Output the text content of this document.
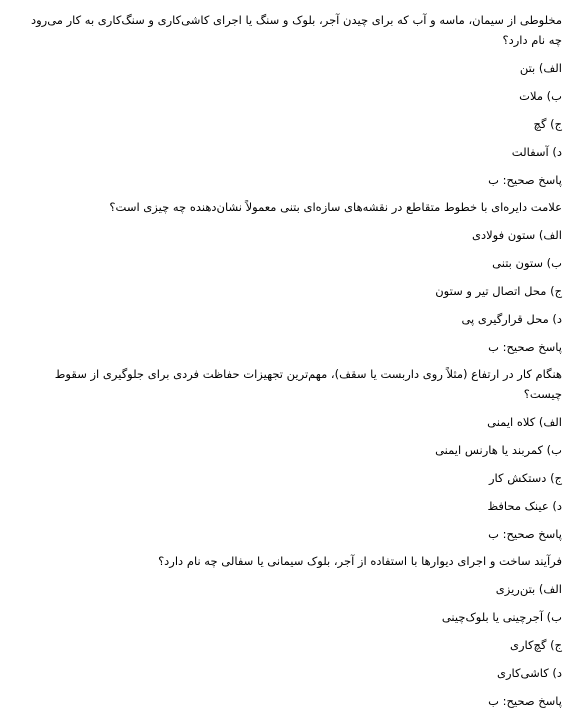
مخلوطی از سیمان، ماسه و آب که برای چیدن آجر، بلوک و سنگ یا اجرای کاشی‌کاری و سنگ‌کاری به کار می‌رود چه نام دارد؟

الف) بتن

ب) ملات

ج) گچ

د) آسفالت

پاسخ صحیح: ب

علامت دایره‌ای با خطوط متقاطع در نقشه‌های سازه‌ای بتنی معمولاً نشان‌دهنده چه چیزی است؟

الف) ستون فولادی

ب) ستون بتنی

ج) محل اتصال تیر و ستون

د) محل قرارگیری پی

پاسخ صحیح: ب

هنگام کار در ارتفاع (مثلاً روی داربست یا سقف)، مهم‌ترین تجهیزات حفاظت فردی برای جلوگیری از سقوط چیست؟

الف) کلاه ایمنی

ب) کمربند یا هارنس ایمنی

ج) دستکش کار

د) عینک محافظ

پاسخ صحیح: ب

فرآیند ساخت و اجرای دیوارها با استفاده از آجر، بلوک سیمانی یا سفالی چه نام دارد؟

الف) بتن‌ریزی

ب) آجرچینی یا بلوک‌چینی

ج) گچ‌کاری

د) کاشی‌کاری

پاسخ صحیح: ب
